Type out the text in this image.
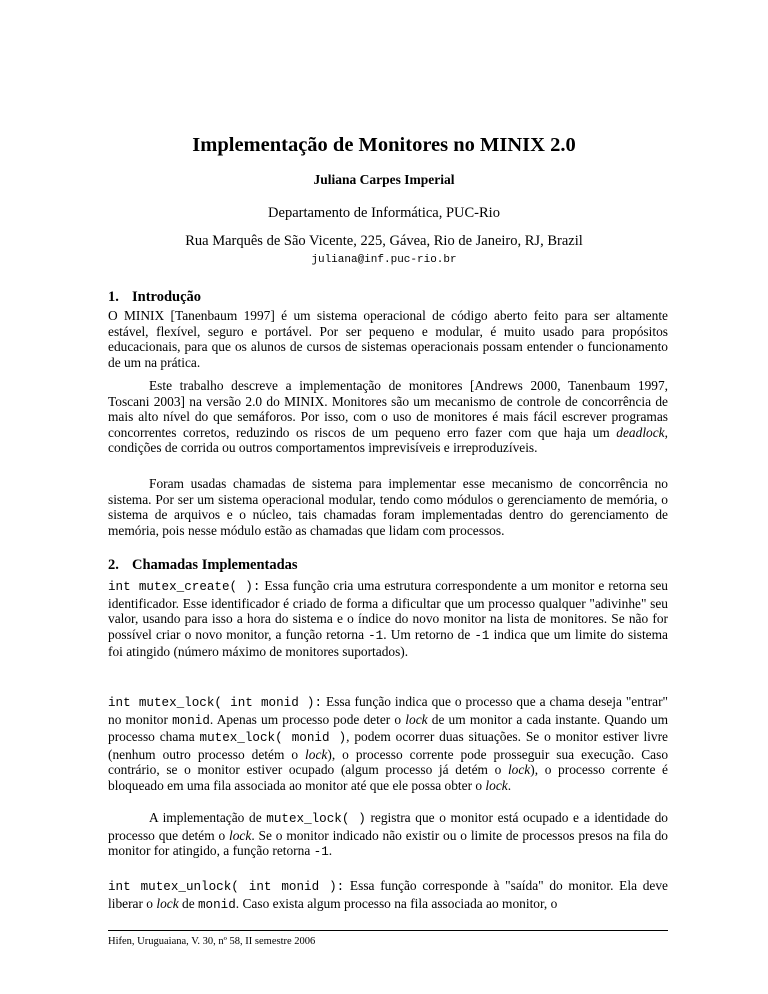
Implementação de Monitores no MINIX 2.0
Juliana Carpes Imperial
Departamento de Informática, PUC-Rio
Rua Marquês de São Vicente, 225, Gávea, Rio de Janeiro, RJ, Brazil
juliana@inf.puc-rio.br
1. Introdução

O MINIX [Tanenbaum 1997] é um sistema operacional de código aberto feito para ser altamente estável, flexível, seguro e portável. Por ser pequeno e modular, é muito usado para propósitos educacionais, para que os alunos de cursos de sistemas operacionais possam entender o funcionamento de um na prática.

Este trabalho descreve a implementação de monitores [Andrews 2000, Tanenbaum 1997, Toscani 2003] na versão 2.0 do MINIX. Monitores são um mecanismo de controle de concorrência de mais alto nível do que semáforos. Por isso, com o uso de monitores é mais fácil escrever programas concorrentes corretos, reduzindo os riscos de um pequeno erro fazer com que haja um deadlock, condições de corrida ou outros comportamentos imprevisíveis e irreproduzíveis.

Foram usadas chamadas de sistema para implementar esse mecanismo de concorrência no sistema. Por ser um sistema operacional modular, tendo como módulos o gerenciamento de memória, o sistema de arquivos e o núcleo, tais chamadas foram implementadas dentro do gerenciamento de memória, pois nesse módulo estão as chamadas que lidam com processos.

2. Chamadas Implementadas

int mutex_create( ): Essa função cria uma estrutura correspondente a um monitor e retorna seu identificador. Esse identificador é criado de forma a dificultar que um processo qualquer "adivinhe" seu valor, usando para isso a hora do sistema e o índice do novo monitor na lista de monitores. Se não for possível criar o novo monitor, a função retorna -1. Um retorno de -1 indica que um limite do sistema foi atingido (número máximo de monitores suportados).

int mutex_lock( int monid ): Essa função indica que o processo que a chama deseja "entrar" no monitor monid. Apenas um processo pode deter o lock de um monitor a cada instante. Quando um processo chama mutex_lock( monid ), podem ocorrer duas situações. Se o monitor estiver livre (nenhum outro processo detém o lock), o processo corrente pode prosseguir sua execução. Caso contrário, se o monitor estiver ocupado (algum processo já detém o lock), o processo corrente é bloqueado em uma fila associada ao monitor até que ele possa obter o lock.

A implementação de mutex_lock( ) registra que o monitor está ocupado e a identidade do processo que detém o lock. Se o monitor indicado não existir ou o limite de processos presos na fila do monitor for atingido, a função retorna -1.

int mutex_unlock( int monid ): Essa função corresponde à "saída" do monitor. Ela deve liberar o lock de monid. Caso exista algum processo na fila associada ao monitor, o

Hifen, Uruguaiana, V. 30, nº 58, II semestre 2006
